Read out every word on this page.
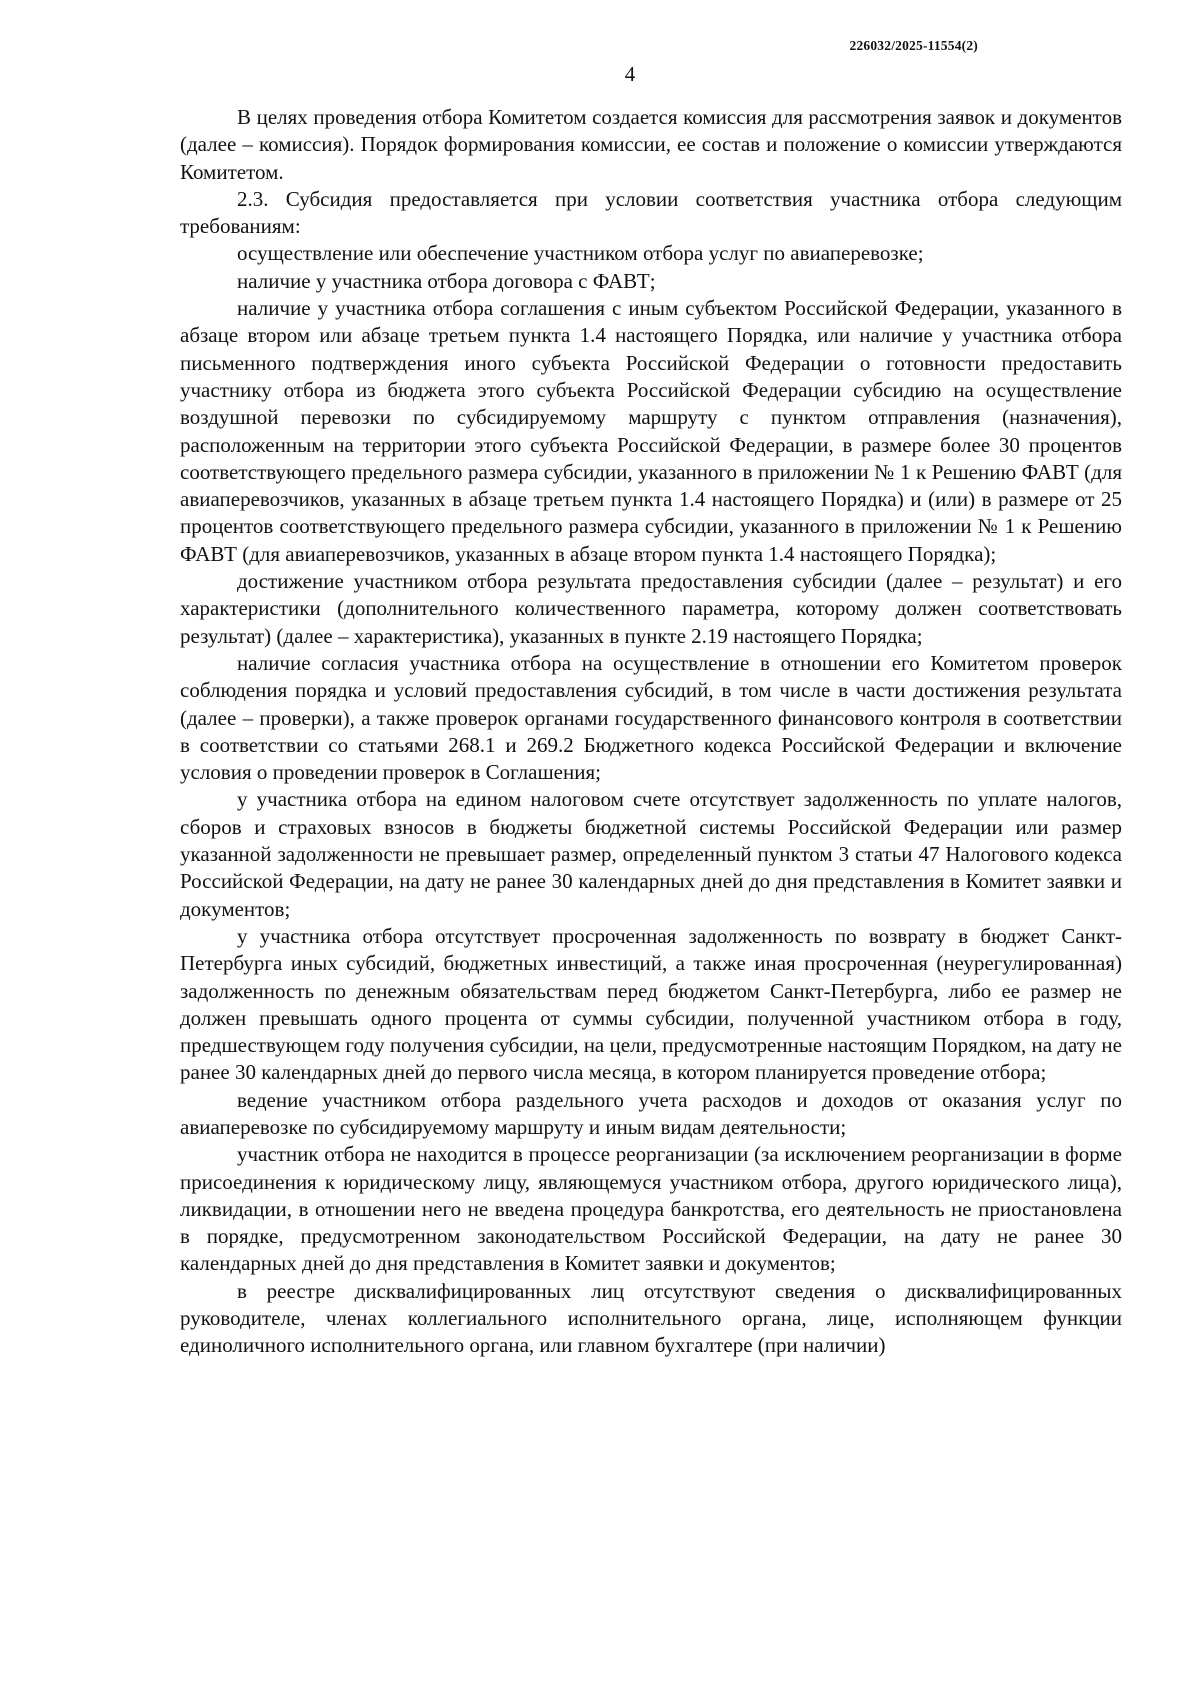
226032/2025-11554(2)
4

В целях проведения отбора Комитетом создается комиссия для рассмотрения заявок и документов (далее – комиссия). Порядок формирования комиссии, ее состав и положение о комиссии утверждаются Комитетом.

2.3. Субсидия предоставляется при условии соответствия участника отбора следующим требованиям:

осуществление или обеспечение участником отбора услуг по авиаперевозке;

наличие у участника отбора договора с ФАВТ;

наличие у участника отбора соглашения с иным субъектом Российской Федерации, указанного в абзаце втором или абзаце третьем пункта 1.4 настоящего Порядка, или наличие у участника отбора письменного подтверждения иного субъекта Российской Федерации о готовности предоставить участнику отбора из бюджета этого субъекта Российской Федерации субсидию на осуществление воздушной перевозки по субсидируемому маршруту с пунктом отправления (назначения), расположенным на территории этого субъекта Российской Федерации, в размере более 30 процентов соответствующего предельного размера субсидии, указанного в приложении № 1 к Решению ФАВТ (для авиаперевозчиков, указанных в абзаце третьем пункта 1.4 настоящего Порядка) и (или) в размере от 25 процентов соответствующего предельного размера субсидии, указанного в приложении № 1 к Решению ФАВТ (для авиаперевозчиков, указанных в абзаце втором пункта 1.4 настоящего Порядка);

достижение участником отбора результата предоставления субсидии (далее – результат) и его характеристики (дополнительного количественного параметра, которому должен соответствовать результат) (далее – характеристика), указанных в пункте 2.19 настоящего Порядка;

наличие согласия участника отбора на осуществление в отношении его Комитетом проверок соблюдения порядка и условий предоставления субсидий, в том числе в части достижения результата (далее – проверки), а также проверок органами государственного финансового контроля в соответствии в соответствии со статьями 268.1 и 269.2 Бюджетного кодекса Российской Федерации и включение условия о проведении проверок в Соглашения;

у участника отбора на едином налоговом счете отсутствует задолженность по уплате налогов, сборов и страховых взносов в бюджеты бюджетной системы Российской Федерации или размер указанной задолженности не превышает размер, определенный пунктом 3 статьи 47 Налогового кодекса Российской Федерации, на дату не ранее 30 календарных дней до дня представления в Комитет заявки и документов;

у участника отбора отсутствует просроченная задолженность по возврату в бюджет Санкт-Петербурга иных субсидий, бюджетных инвестиций, а также иная просроченная (неурегулированная) задолженность по денежным обязательствам перед бюджетом Санкт-Петербурга, либо ее размер не должен превышать одного процента от суммы субсидии, полученной участником отбора в году, предшествующем году получения субсидии, на цели, предусмотренные настоящим Порядком, на дату не ранее 30 календарных дней до первого числа месяца, в котором планируется проведение отбора;

ведение участником отбора раздельного учета расходов и доходов от оказания услуг по авиаперевозке по субсидируемому маршруту и иным видам деятельности;

участник отбора не находится в процессе реорганизации (за исключением реорганизации в форме присоединения к юридическому лицу, являющемуся участником отбора, другого юридического лица), ликвидации, в отношении него не введена процедура банкротства, его деятельность не приостановлена в порядке, предусмотренном законодательством Российской Федерации, на дату не ранее 30 календарных дней до дня представления в Комитет заявки и документов;

в реестре дисквалифицированных лиц отсутствуют сведения о дисквалифицированных руководителе, членах коллегиального исполнительного органа, лице, исполняющем функции единоличного исполнительного органа, или главном бухгалтере (при наличии)
